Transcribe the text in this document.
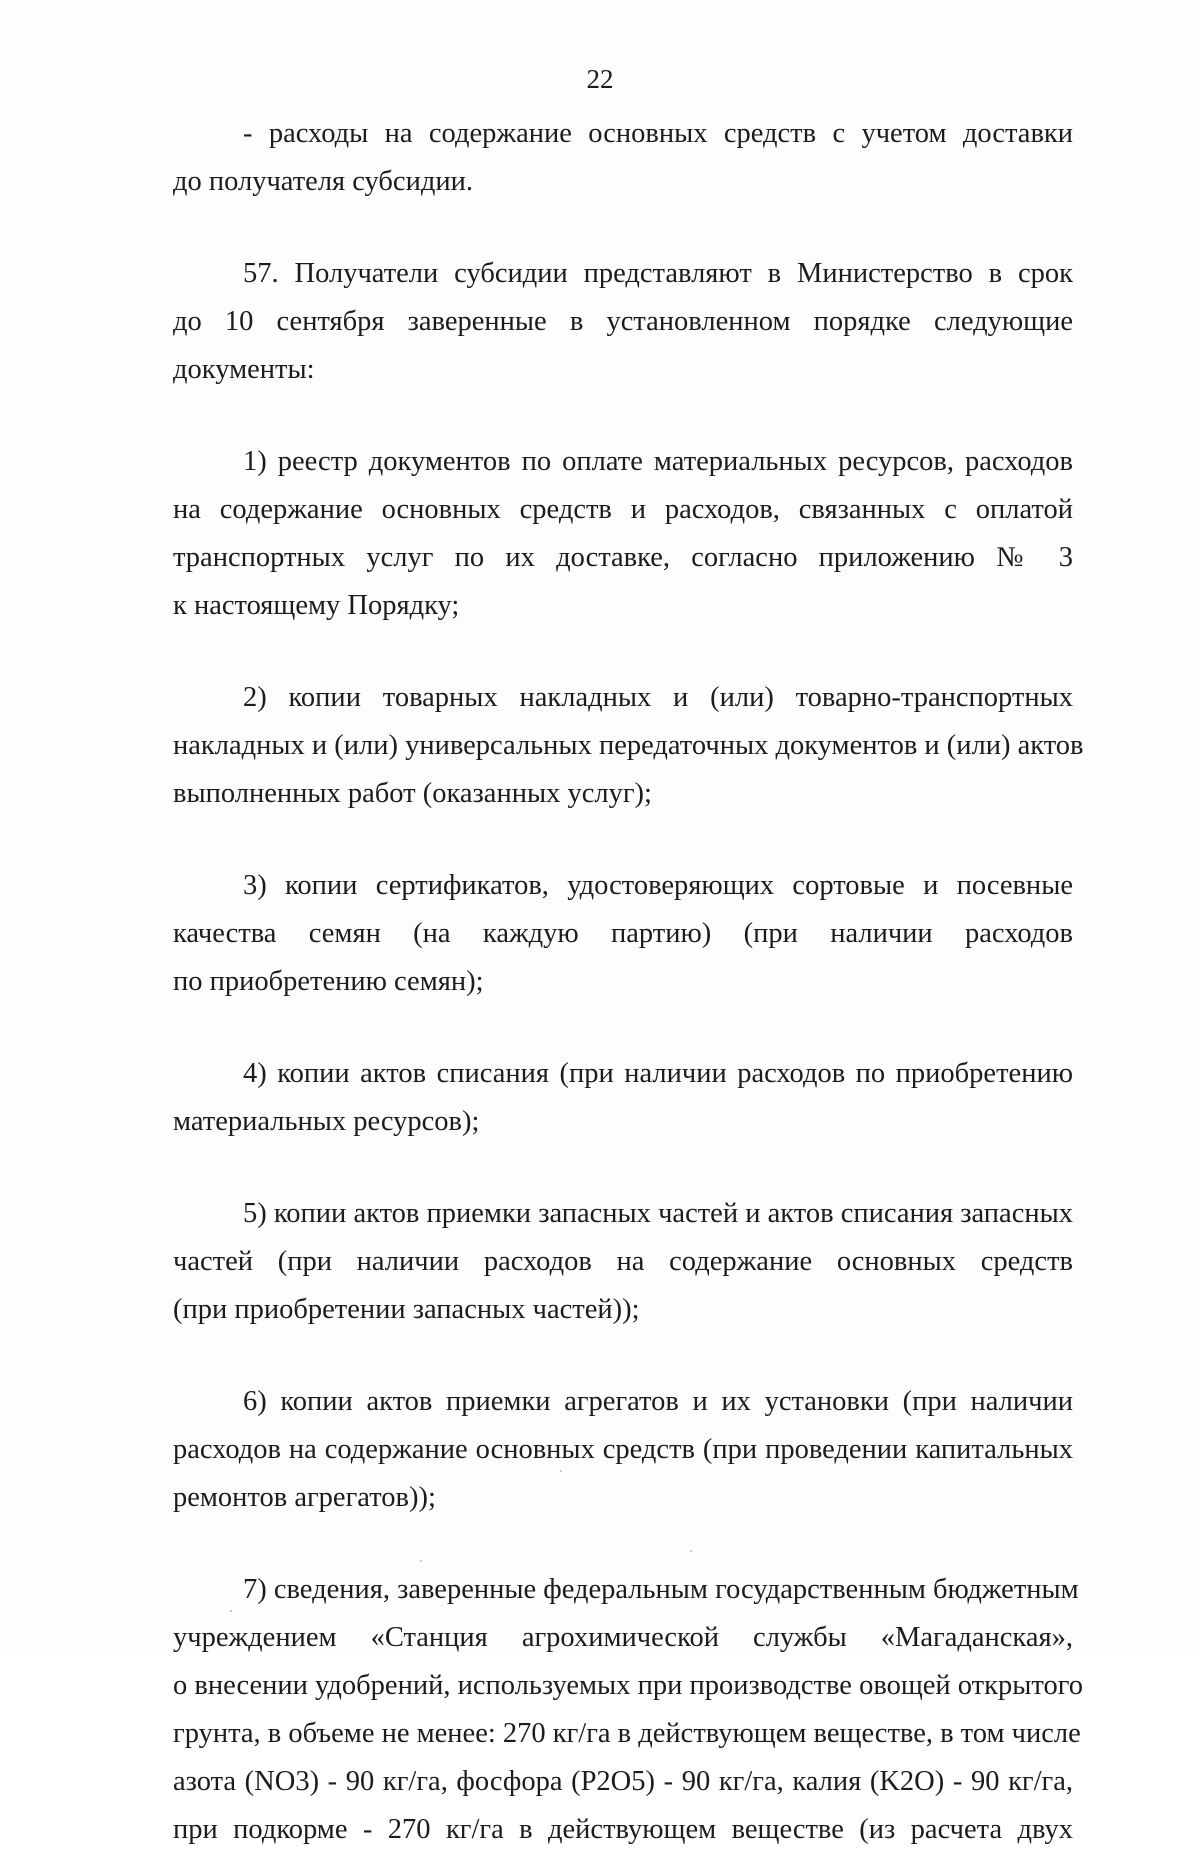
22
- расходы на содержание основных средств с учетом доставки
до получателя субсидии.
57. Получатели субсидии представляют в Министерство в срок
до 10 сентября заверенные в установленном порядке следующие
документы:
1) реестр документов по оплате материальных ресурсов, расходов
на содержание основных средств и расходов, связанных с оплатой
транспортных услуг по их доставке, согласно приложению № 3
к настоящему Порядку;
2) копии товарных накладных и (или) товарно-транспортных
накладных и (или) универсальных передаточных документов и (или) актов
выполненных работ (оказанных услуг);
3) копии сертификатов, удостоверяющих сортовые и посевные
качества семян (на каждую партию) (при наличии расходов
по приобретению семян);
4) копии актов списания (при наличии расходов по приобретению
материальных ресурсов);
5) копии актов приемки запасных частей и актов списания запасных
частей (при наличии расходов на содержание основных средств
(при приобретении запасных частей));
6) копии актов приемки агрегатов и их установки (при наличии
расходов на содержание основных средств (при проведении капитальных
ремонтов агрегатов));
7) сведения, заверенные федеральным государственным бюджетным
учреждением «Станция агрохимической службы «Магаданская»,
о внесении удобрений, используемых при производстве овощей открытого
грунта, в объеме не менее: 270 кг/га в действующем веществе, в том числе
азота (NO3) - 90 кг/га, фосфора (P2O5) - 90 кг/га, калия (K2O) - 90 кг/га,
при подкорме - 270 кг/га в действующем веществе (из расчета двух
